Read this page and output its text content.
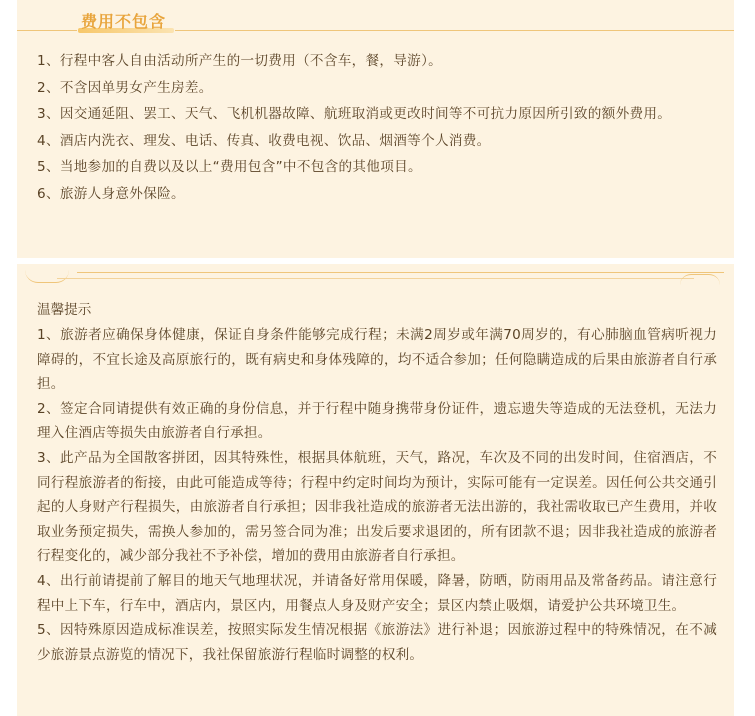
费用不包含
1、行程中客人自由活动所产生的一切费用（不含车，餐，导游）。
2、不含因单男女产生房差。
3、因交通延阻、罢工、天气、飞机机器故障、航班取消或更改时间等不可抗力原因所引致的额外费用。
4、酒店内洗衣、理发、电话、传真、收费电视、饮品、烟酒等个人消费。
5、当地参加的自费以及以上“费用包含”中不包含的其他项目。
6、旅游人身意外保险。
温馨提示
1、旅游者应确保身体健康，保证自身条件能够完成行程；未满2周岁或年满70周岁的，有心肺脑血管病听视力障碍的，不宜长途及高原旅行的，既有病史和身体残障的，均不适合参加；任何隐瞒造成的后果由旅游者自行承担。
2、签定合同请提供有效正确的身份信息，并于行程中随身携带身份证件，遗忘遗失等造成的无法登机，无法力理入住酒店等损失由旅游者自行承担。
3、此产品为全国散客拼团，因其特殊性，根据具体航班，天气，路况，车次及不同的出发时间，住宿酒店，不同行程旅游者的衔接，由此可能造成等待；行程中约定时间均为预计，实际可能有一定误差。因任何公共交通引起的人身财产行程损失，由旅游者自行承担；因非我社造成的旅游者无法出游的，我社需收取已产生费用，并收取业务预定损失，需换人参加的，需另签合同为准；出发后要求退团的，所有团款不退；因非我社造成的旅游者行程变化的，减少部分我社不予补偿，增加的费用由旅游者自行承担。
4、出行前请提前了解目的地天气地理状况，并请备好常用保暖，降暑，防晒，防雨用品及常备药品。请注意行程中上下车，行车中，酒店内，景区内，用餐点人身及财产安全；景区内禁止吸烟，请爱护公共环境卫生。
5、因特殊原因造成标准误差，按照实际发生情况根据《旅游法》进行补退；因旅游过程中的特殊情况，在不减少旅游景点游览的情况下，我社保留旅游行程临时调整的权利。
